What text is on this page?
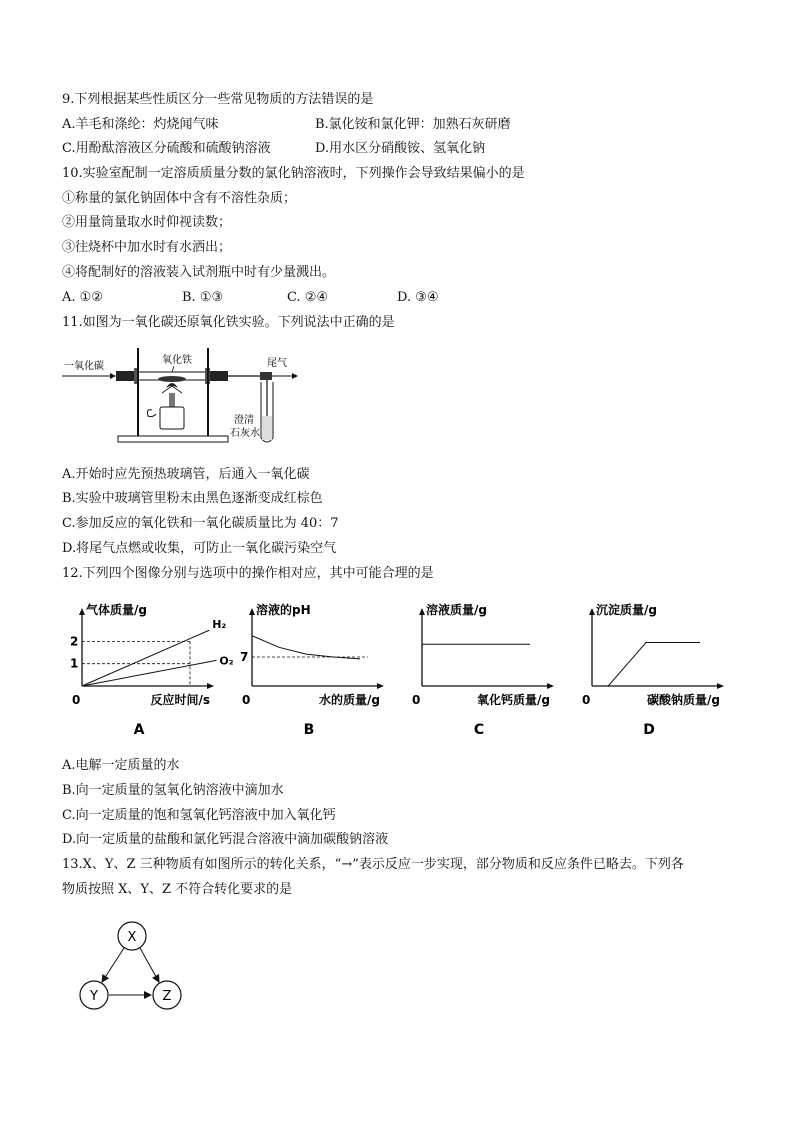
9.下列根据某些性质区分一些常见物质的方法错误的是
A.羊毛和涤纶：灼烧闻气味	B.氯化铵和氯化钾：加熟石灰研磨
C.用酚酞溶液区分硫酸和硫酸钠溶液	D.用水区分硝酸铵、氢氧化钠
10.实验室配制一定溶质质量分数的氯化钠溶液时，下列操作会导致结果偏小的是
①称量的氯化钠固体中含有不溶性杂质；
②用量筒量取水时仰视读数；
③往烧杯中加水时有水洒出；
④将配制好的溶液装入试剂瓶中时有少量溅出。
A. ①②	B. ①③	C. ②④	D. ③④
11.如图为一氧化碳还原氧化铁实验。下列说法中正确的是
一氧化碳
氧化铁	尾气
澄清
石灰水
A.开始时应先预热玻璃管，后通入一氧化碳
B.实验中玻璃管里粉末由黑色逐渐变成红棕色
C.参加反应的氧化铁和一氧化碳质量比为 40：7
D.将尾气点燃或收集，可防止一氧化碳污染空气
12.下列四个图像分别与选项中的操作相对应，其中可能合理的是
气体质量/g
反应时间/s
0
A
2
1
H₂
O₂
溶液的pH
水的质量/g
0
B
7
溶液质量/g
氧化钙质量/g
0
C
沉淀质量/g
碳酸钠质量/g
0
D
A.电解一定质量的水
B.向一定质量的氢氧化钠溶液中滴加水
C.向一定质量的饱和氢氧化钙溶液中加入氧化钙
D.向一定质量的盐酸和氯化钙混合溶液中滴加碳酸钠溶液
13.X、Y、Z 三种物质有如图所示的转化关系，“→”表示反应一步实现，部分物质和反应条件已略去。下列各
物质按照 X、Y、Z 不符合转化要求的是
X
Y	Z
